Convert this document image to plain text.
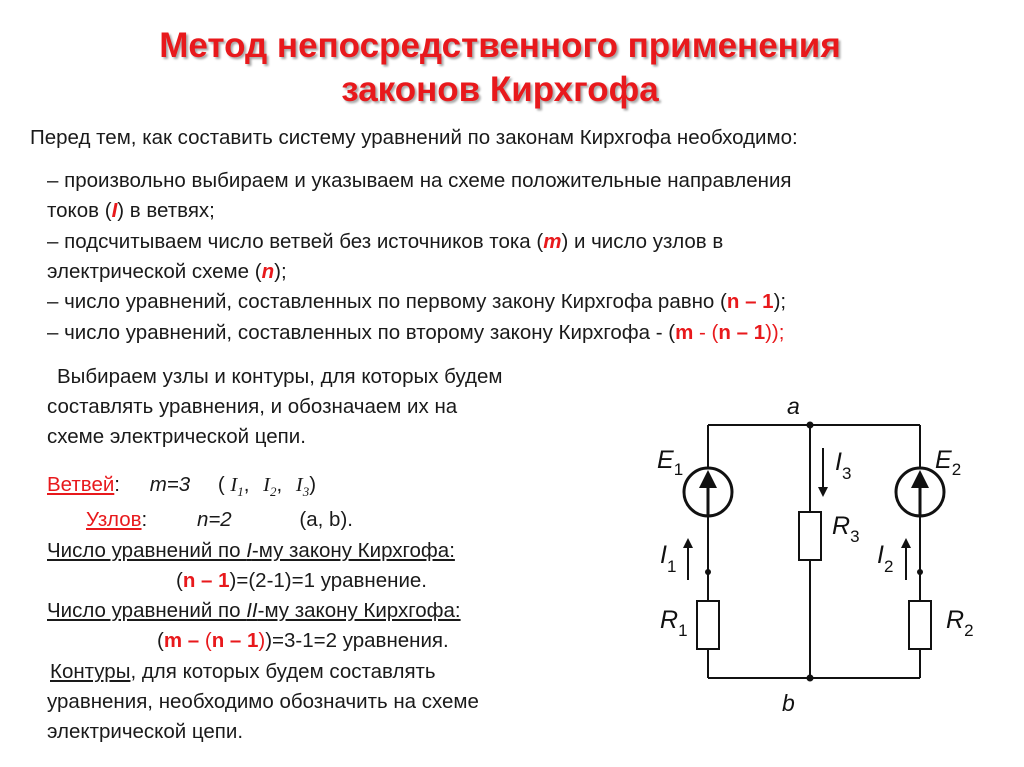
Метод непосредственного применения
законов Кирхгофа
Перед тем, как составить систему уравнений по законам Кирхгофа необходимо:
– произвольно выбираем и указываем на схеме положительные направления
токов (I) в ветвях;
– подсчитываем число ветвей без источников тока (m) и число узлов в
электрической схеме (n);
– число уравнений, составленных по первому закону Кирхгофа равно (n – 1);
– число уравнений, составленных по второму закону Кирхгофа - (m - (n – 1));
Выбираем узлы и контуры, для которых будем
составлять уравнения, и обозначаем их на
схеме электрической цепи.
Ветвей: m=3 ( $I_1$, $I_2$, $I_3$)
Узлов: n=2	(a, b).
Число уравнений по I-му закону Кирхгофа:
(n – 1)=(2-1)=1 уравнение.
Число уравнений по II-му закону Кирхгофа:
(m – (n – 1))=3-1=2 уравнения.
Контуры, для которых будем составлять
уравнения, необходимо обозначить на схеме
электрической цепи.
a
b
$E_1$	$E_2$
$I_1$	$I_2$
$I_3$
$R_1$	$R_2$
$R_3$
